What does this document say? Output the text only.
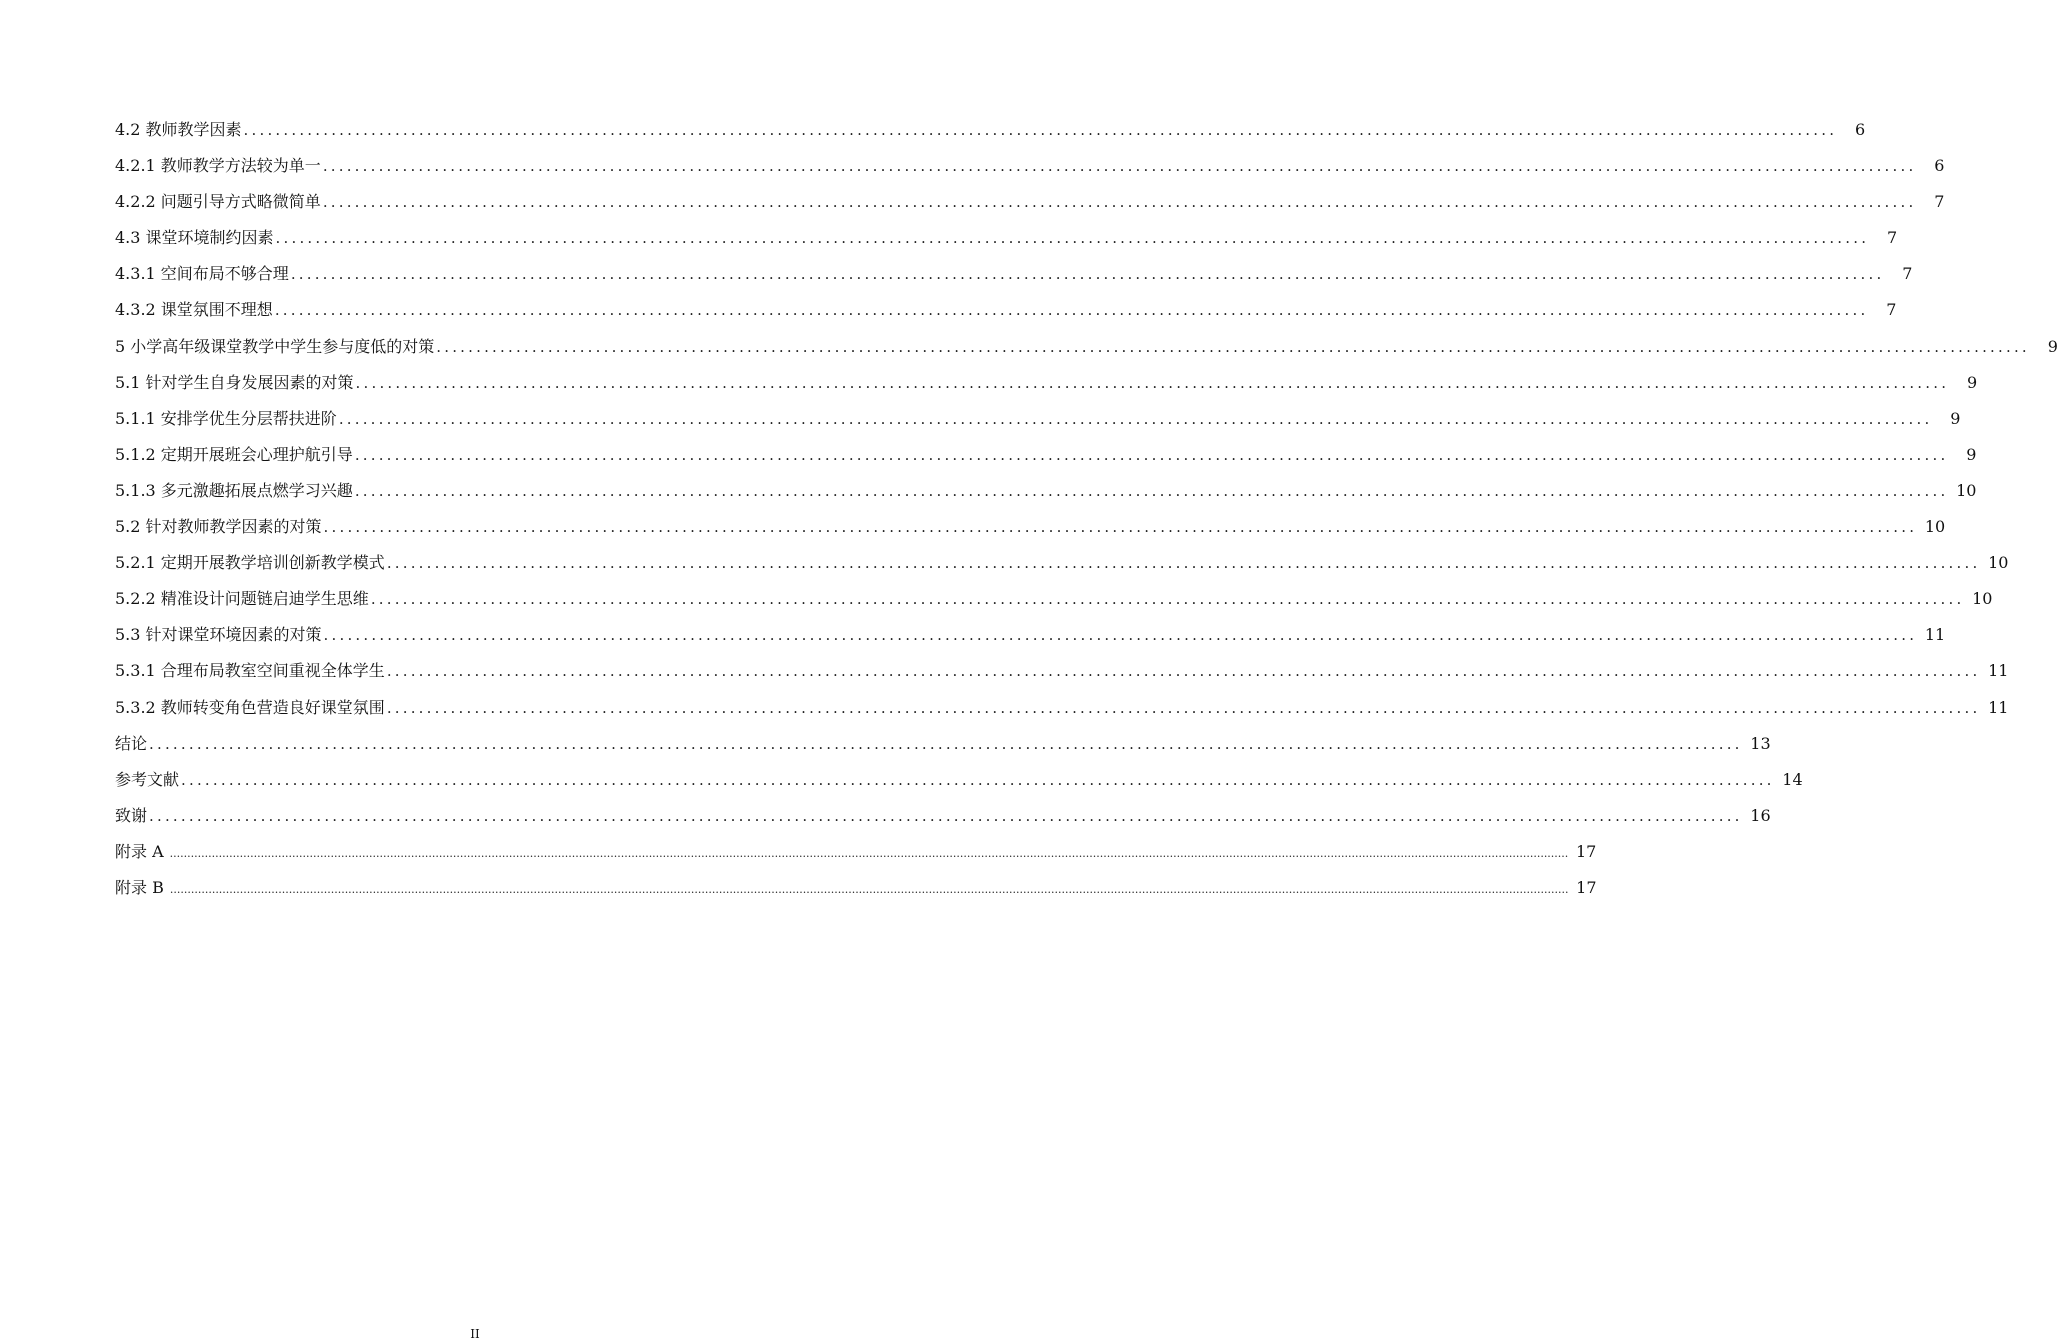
4.2 教师教学因素 ........................................................................................................................................................................................................	6
4.2.1 教师教学方法较为单一 ........................................................................................................................................................................................................	6
4.2.2 问题引导方式略微简单 ........................................................................................................................................................................................................	7
4.3 课堂环境制约因素 ........................................................................................................................................................................................................	7
4.3.1 空间布局不够合理 ........................................................................................................................................................................................................	7
4.3.2 课堂氛围不理想 ........................................................................................................................................................................................................	7
5 小学高年级课堂教学中学生参与度低的对策 ........................................................................................................................................................................................................	9
5.1 针对学生自身发展因素的对策 ........................................................................................................................................................................................................	9
5.1.1 安排学优生分层帮扶进阶 ........................................................................................................................................................................................................	9
5.1.2 定期开展班会心理护航引导 ........................................................................................................................................................................................................	9
5.1.3 多元激趣拓展点燃学习兴趣 ........................................................................................................................................................................................................ 10
5.2 针对教师教学因素的对策 ........................................................................................................................................................................................................ 10
5.2.1 定期开展教学培训创新教学模式 ........................................................................................................................................................................................................ 10
5.2.2 精准设计问题链启迪学生思维 ........................................................................................................................................................................................................ 10
5.3 针对课堂环境因素的对策 ........................................................................................................................................................................................................ 11
5.3.1 合理布局教室空间重视全体学生 ........................................................................................................................................................................................................ 11
5.3.2 教师转变角色营造良好课堂氛围 ........................................................................................................................................................................................................ 11
结论 ........................................................................................................................................................................................................ 13
参考文献 ........................................................................................................................................................................................................ 14
致谢 ........................................................................................................................................................................................................ 16
附录 A ................................................................................................................................................................................................................................................................................................................................................................................................................ 17
附录 B ................................................................................................................................................................................................................................................................................................................................................................................................................ 17
II
